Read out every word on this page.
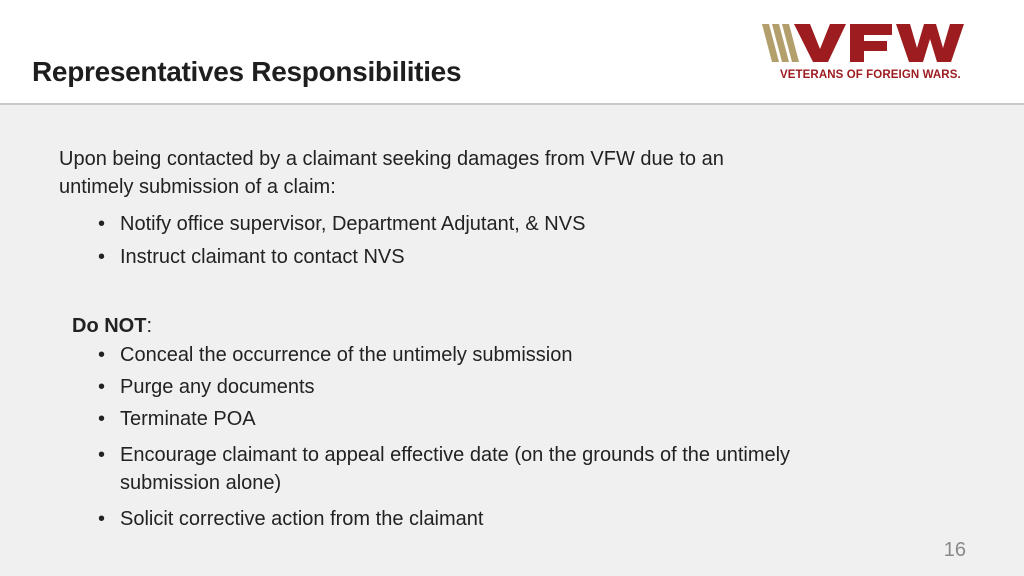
Representatives Responsibilities	VETERANS OF FOREIGN WARS.

Upon being contacted by a claimant seeking damages from VFW due to an untimely submission of a claim:

• Notify office supervisor, Department Adjutant, & NVS
• Instruct claimant to contact NVS

Do NOT:

• Conceal the occurrence of the untimely submission
• Purge any documents
• Terminate POA
• Encourage claimant to appeal effective date (on the grounds of the untimely submission alone)
• Solicit corrective action from the claimant
16
